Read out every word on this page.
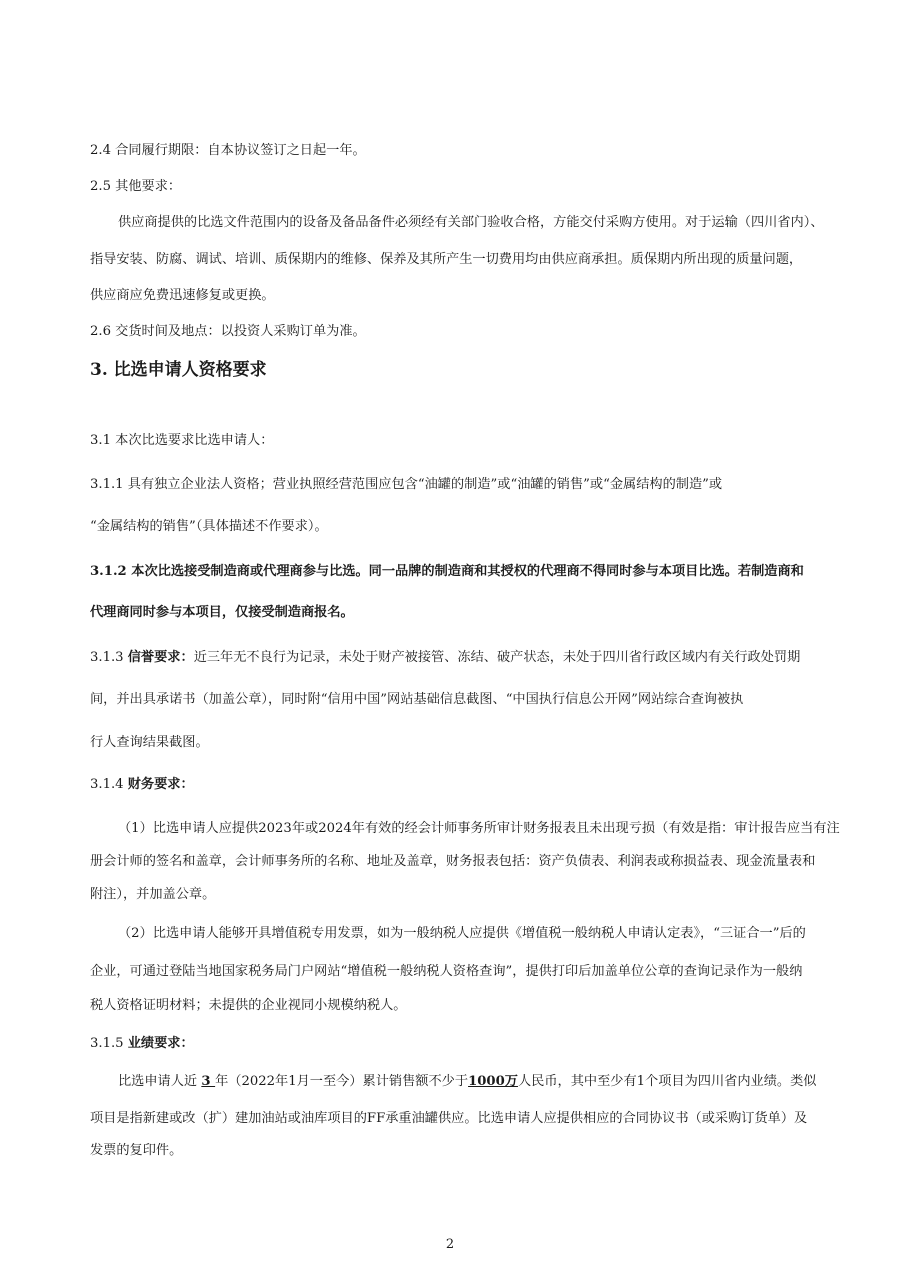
2.4 合同履行期限：自本协议签订之日起一年。
2.5 其他要求：
供应商提供的比选文件范围内的设备及备品备件必须经有关部门验收合格，方能交付采购方使用。对于运输（四川省内）、
指导安装、防腐、调试、培训、质保期内的维修、保养及其所产生一切费用均由供应商承担。质保期内所出现的质量问题，
供应商应免费迅速修复或更换。
2.6 交货时间及地点：以投资人采购订单为准。
3. 比选申请人资格要求
3.1 本次比选要求比选申请人：
3.1.1 具有独立企业法人资格；营业执照经营范围应包含“油罐的制造”或“油罐的销售”或“金属结构的制造”或
“金属结构的销售”（具体描述不作要求）。
3.1.2 本次比选接受制造商或代理商参与比选。同一品牌的制造商和其授权的代理商不得同时参与本项目比选。若制造商和
代理商同时参与本项目，仅接受制造商报名。
3.1.3 信誉要求：近三年无不良行为记录，未处于财产被接管、冻结、破产状态，未处于四川省行政区域内有关行政处罚期
间，并出具承诺书（加盖公章），同时附“信用中国”网站基础信息截图、“中国执行信息公开网”网站综合查询被执
行人查询结果截图。
3.1.4 财务要求：
（1）比选申请人应提供2023年或2024年有效的经会计师事务所审计财务报表且未出现亏损（有效是指：审计报告应当有注
册会计师的签名和盖章，会计师事务所的名称、地址及盖章，财务报表包括：资产负债表、利润表或称损益表、现金流量表和
附注），并加盖公章。
（2）比选申请人能够开具增值税专用发票，如为一般纳税人应提供《增值税一般纳税人申请认定表》，“三证合一”后的
企业，可通过登陆当地国家税务局门户网站“增值税一般纳税人资格查询”，提供打印后加盖单位公章的查询记录作为一般纳
税人资格证明材料；未提供的企业视同小规模纳税人。
3.1.5 业绩要求：
比选申请人近 3 年（2022年1月一至今）累计销售额不少于1000万人民币，其中至少有1个项目为四川省内业绩。类似
项目是指新建或改（扩）建加油站或油库项目的FF承重油罐供应。比选申请人应提供相应的合同协议书（或采购订货单）及
发票的复印件。
2
